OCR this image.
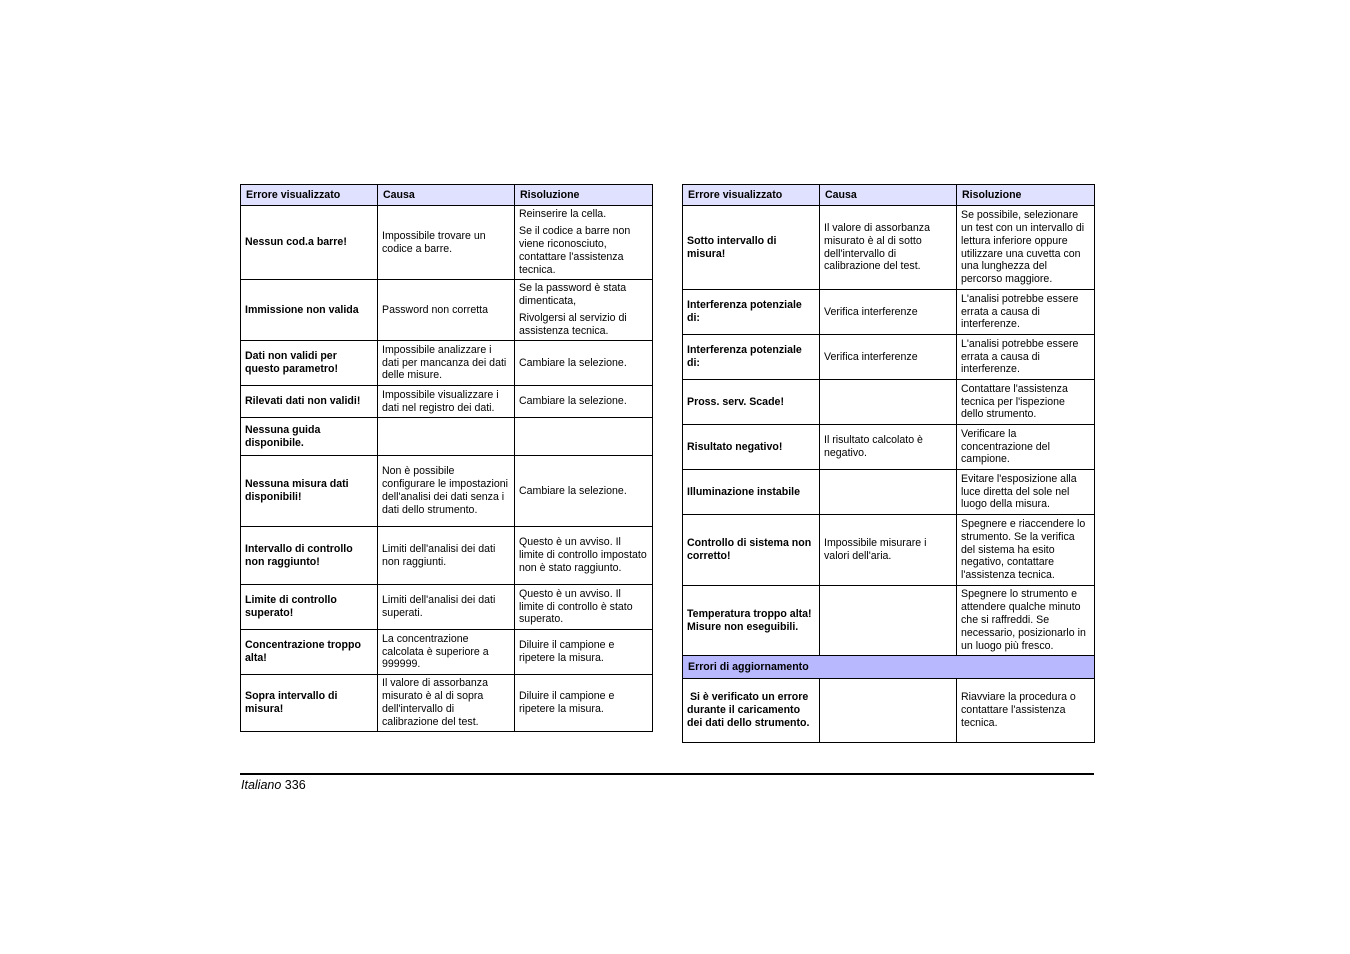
Errore visualizzato	Causa	Risoluzione
Nessun cod.a barre!	Impossibile trovare un codice a barre.	Reinserire la cella.

Se il codice a barre non viene riconosciuto, contattare l'assistenza tecnica.

Immissione non valida	Password non corretta	Se la password è stata dimenticata,

Rivolgersi al servizio di assistenza tecnica.

Dati non validi per questo parametro!	Impossibile analizzare i dati per mancanza dei dati delle misure.	Cambiare la selezione.
Rilevati dati non validi!	Impossibile visualizzare i dati nel registro dei dati.	Cambiare la selezione.
Nessuna guida disponibile.		
Nessuna misura dati disponibili!	Non è possibile configurare le impostazioni dell'analisi dei dati senza i dati dello strumento.	Cambiare la selezione.
Intervallo di controllo non raggiunto!	Limiti dell'analisi dei dati non raggiunti.	Questo è un avviso. Il limite di controllo impostato non è stato raggiunto.
Limite di controllo superato!	Limiti dell'analisi dei dati superati.	Questo è un avviso. Il limite di controllo è stato superato.
Concentrazione troppo alta!	La concentrazione calcolata è superiore a 999999.	Diluire il campione e ripetere la misura.
Sopra intervallo di misura!	Il valore di assorbanza misurato è al di sopra dell'intervallo di calibrazione del test.	Diluire il campione e ripetere la misura.
Errore visualizzato	Causa	Risoluzione
Sotto intervallo di misura!	Il valore di assorbanza misurato è al di sotto dell'intervallo di calibrazione del test.	Se possibile, selezionare un test con un intervallo di lettura inferiore oppure utilizzare una cuvetta con una lunghezza del percorso maggiore.
Interferenza potenziale di:	Verifica interferenze	L'analisi potrebbe essere errata a causa di interferenze.
Interferenza potenziale di:	Verifica interferenze	L'analisi potrebbe essere errata a causa di interferenze.
Pross. serv. Scade!		Contattare l'assistenza tecnica per l'ispezione dello strumento.
Risultato negativo!	Il risultato calcolato è negativo.	Verificare la concentrazione del campione.
Illuminazione instabile		Evitare l'esposizione alla luce diretta del sole nel luogo della misura.
Controllo di sistema non corretto!	Impossibile misurare i valori dell'aria.	Spegnere e riaccendere lo strumento. Se la verifica del sistema ha esito negativo, contattare l'assistenza tecnica.
Temperatura troppo alta!
Misure non eseguibili.		Spegnere lo strumento e attendere qualche minuto che si raffreddi. Se necessario, posizionarlo in un luogo più fresco.
Errori di aggiornamento		
Si è verificato un errore durante il caricamento dei dati dello strumento.		Riavviare la procedura o contattare l'assistenza tecnica.
Italiano 336
